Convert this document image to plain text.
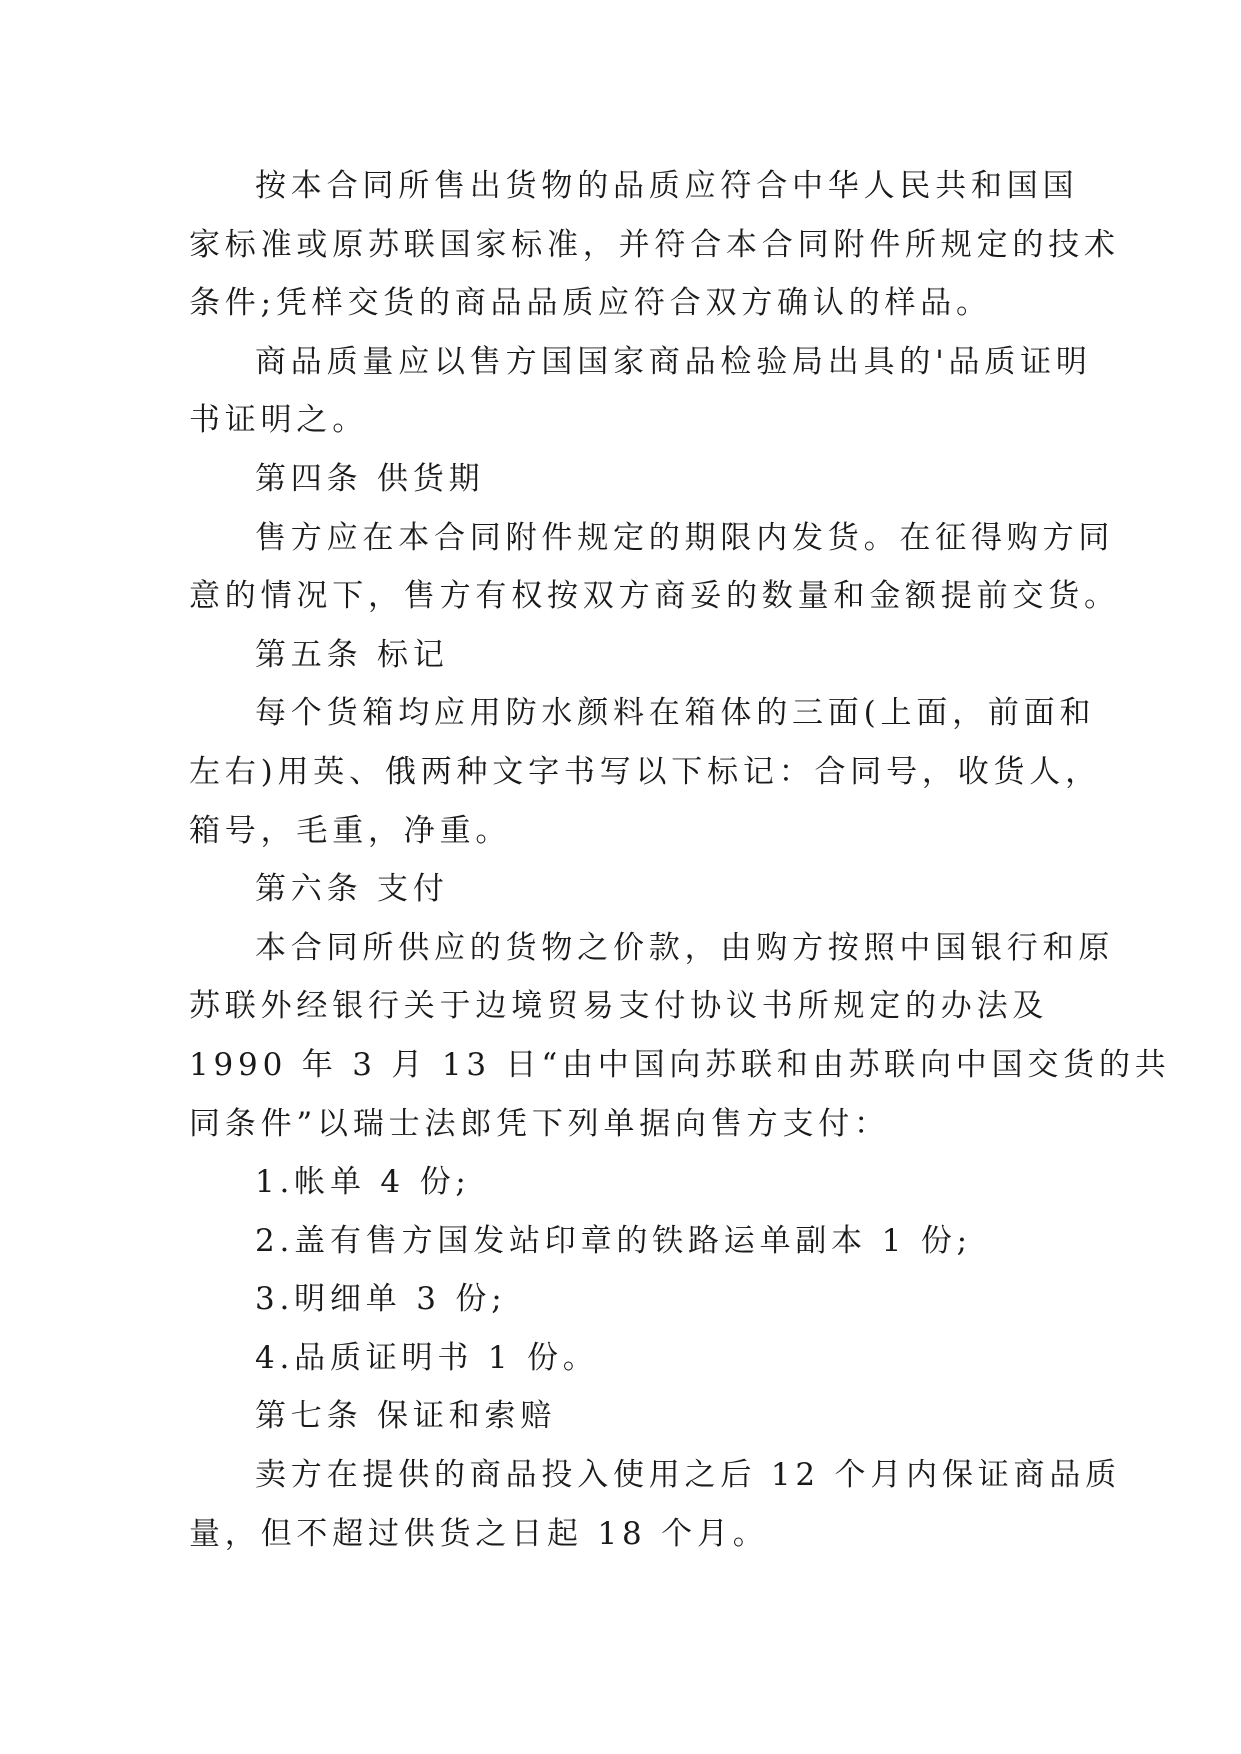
按本合同所售出货物的品质应符合中华人民共和国国
家标准或原苏联国家标准，并符合本合同附件所规定的技术
条件;凭样交货的商品品质应符合双方确认的样品。
商品质量应以售方国国家商品检验局出具的'品质证明
书证明之。
第四条 供货期
售方应在本合同附件规定的期限内发货。在征得购方同
意的情况下，售方有权按双方商妥的数量和金额提前交货。
第五条 标记
每个货箱均应用防水颜料在箱体的三面(上面，前面和
左右)用英、俄两种文字书写以下标记：合同号，收货人，
箱号，毛重，净重。
第六条 支付
本合同所供应的货物之价款，由购方按照中国银行和原
苏联外经银行关于边境贸易支付协议书所规定的办法及
1990 年 3 月 13 日“由中国向苏联和由苏联向中国交货的共
同条件”以瑞士法郎凭下列单据向售方支付：
1.帐单 4 份;
2.盖有售方国发站印章的铁路运单副本 1 份;
3.明细单 3 份;
4.品质证明书 1 份。
第七条 保证和索赔
卖方在提供的商品投入使用之后 12 个月内保证商品质
量，但不超过供货之日起 18 个月。
